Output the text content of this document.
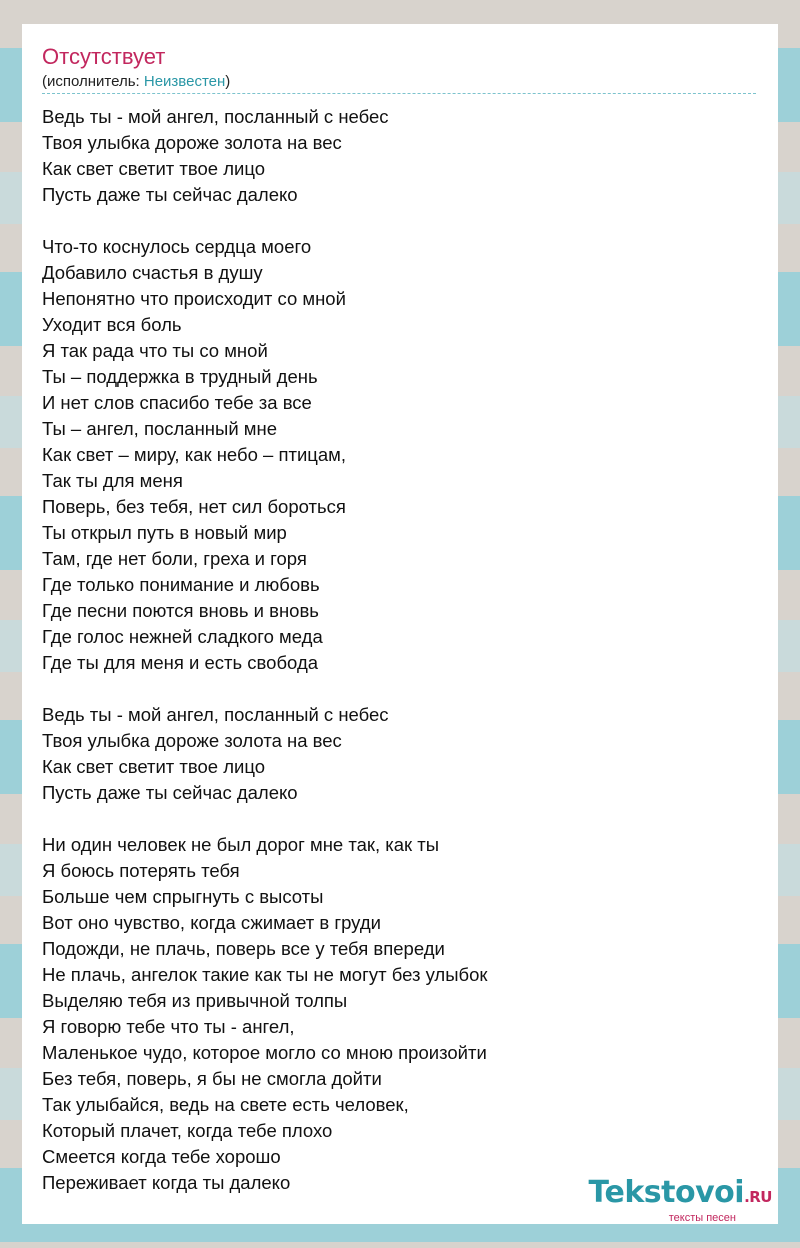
Отсутствует
(исполнитель: Неизвестен)
Ведь ты - мой ангел, посланный с небес
Твоя улыбка дороже золота на вес
Как свет светит твое лицо
Пусть даже ты сейчас далеко
Что-то коснулось сердца моего
Добавило счастья в душу
Непонятно что происходит со мной
Уходит вся боль
Я так рада что ты со мной
Ты – поддержка в трудный день
И нет слов спасибо тебе за все
Ты – ангел, посланный мне
Как свет – миру, как небо – птицам,
Так ты для меня
Поверь, без тебя, нет сил бороться
Ты открыл путь в новый мир
Там, где нет боли, греха и горя
Где только понимание и любовь
Где песни поются вновь и вновь
Где голос нежней сладкого меда
Где ты для меня и есть свобода
Ведь ты - мой ангел, посланный с небес
Твоя улыбка дороже золота на вес
Как свет светит твое лицо
Пусть даже ты сейчас далеко
Ни один человек не был дорог мне так, как ты
Я боюсь потерять тебя
Больше чем спрыгнуть с высоты
Вот оно чувство, когда сжимает в груди
Подожди, не плачь, поверь все у тебя впереди
Не плачь, ангелок такие как ты не могут без улыбок
Выделяю тебя из привычной толпы
Я говорю тебе что ты - ангел,
Маленькое чудо, которое могло со мною произойти
Без тебя, поверь, я бы не смогла дойти
Так улыбайся, ведь на свете есть человек,
Который плачет, когда тебе плохо
Смеется когда тебе хорошо
Переживает когда ты далеко	Tekstovoi.RU
тексты песен
